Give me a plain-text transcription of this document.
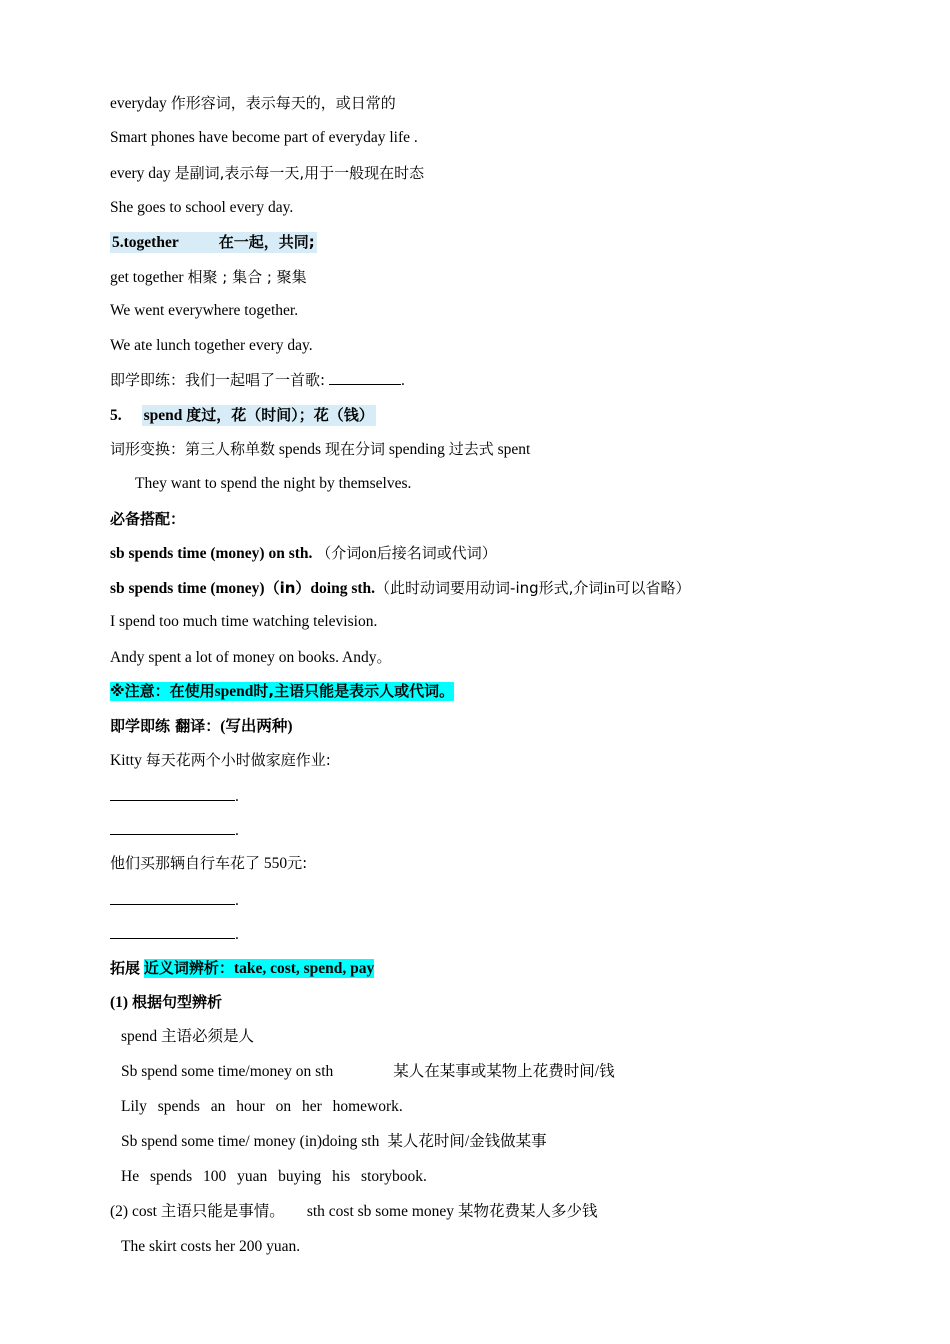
everyday 作形容词，表示每天的，或日常的
Smart phones have become part of everyday life .
every day 是副词,表示每一天,用于一般现在时态
She goes to school every day.
5.together	在一起，共同;
get together 相聚 ; 集合 ; 聚集
We went everywhere together.
We ate lunch together every day.
即学即练：我们一起唱了一首歌:	.
5. spend 度过，花（时间）；花（钱）
词形变换：第三人称单数 spends 现在分词 spending 过去式 spent
They want to spend the night by themselves.
必备搭配：
sb spends time (money) on sth. （介词on后接名词或代词）
sb spends time (money)（in）doing sth.（此时动词要用动词-ing形式,介词in可以省略）
I spend too much time watching television.
Andy spent a lot of money on books. Andy。
※注意：在使用spend时,主语只能是表示人或代词。
即学即练 翻译：(写出两种)
Kitty 每天花两个小时做家庭作业:
.
.
他们买那辆自行车花了 550元:
.
.
拓展 近义词辨析：take, cost, spend, pay
(1) 根据句型辨析
spend 主语必须是人
Sb spend some time/money on sth	某人在某事或某物上花费时间/钱
Lily spends an hour on her homework.
Sb spend some time/ money (in)doing sth 某人花时间/金钱做某事
He spends 100 yuan buying his storybook.
(2) cost 主语只能是事情。 sth cost sb some money 某物花费某人多少钱
The skirt costs her 200 yuan.
